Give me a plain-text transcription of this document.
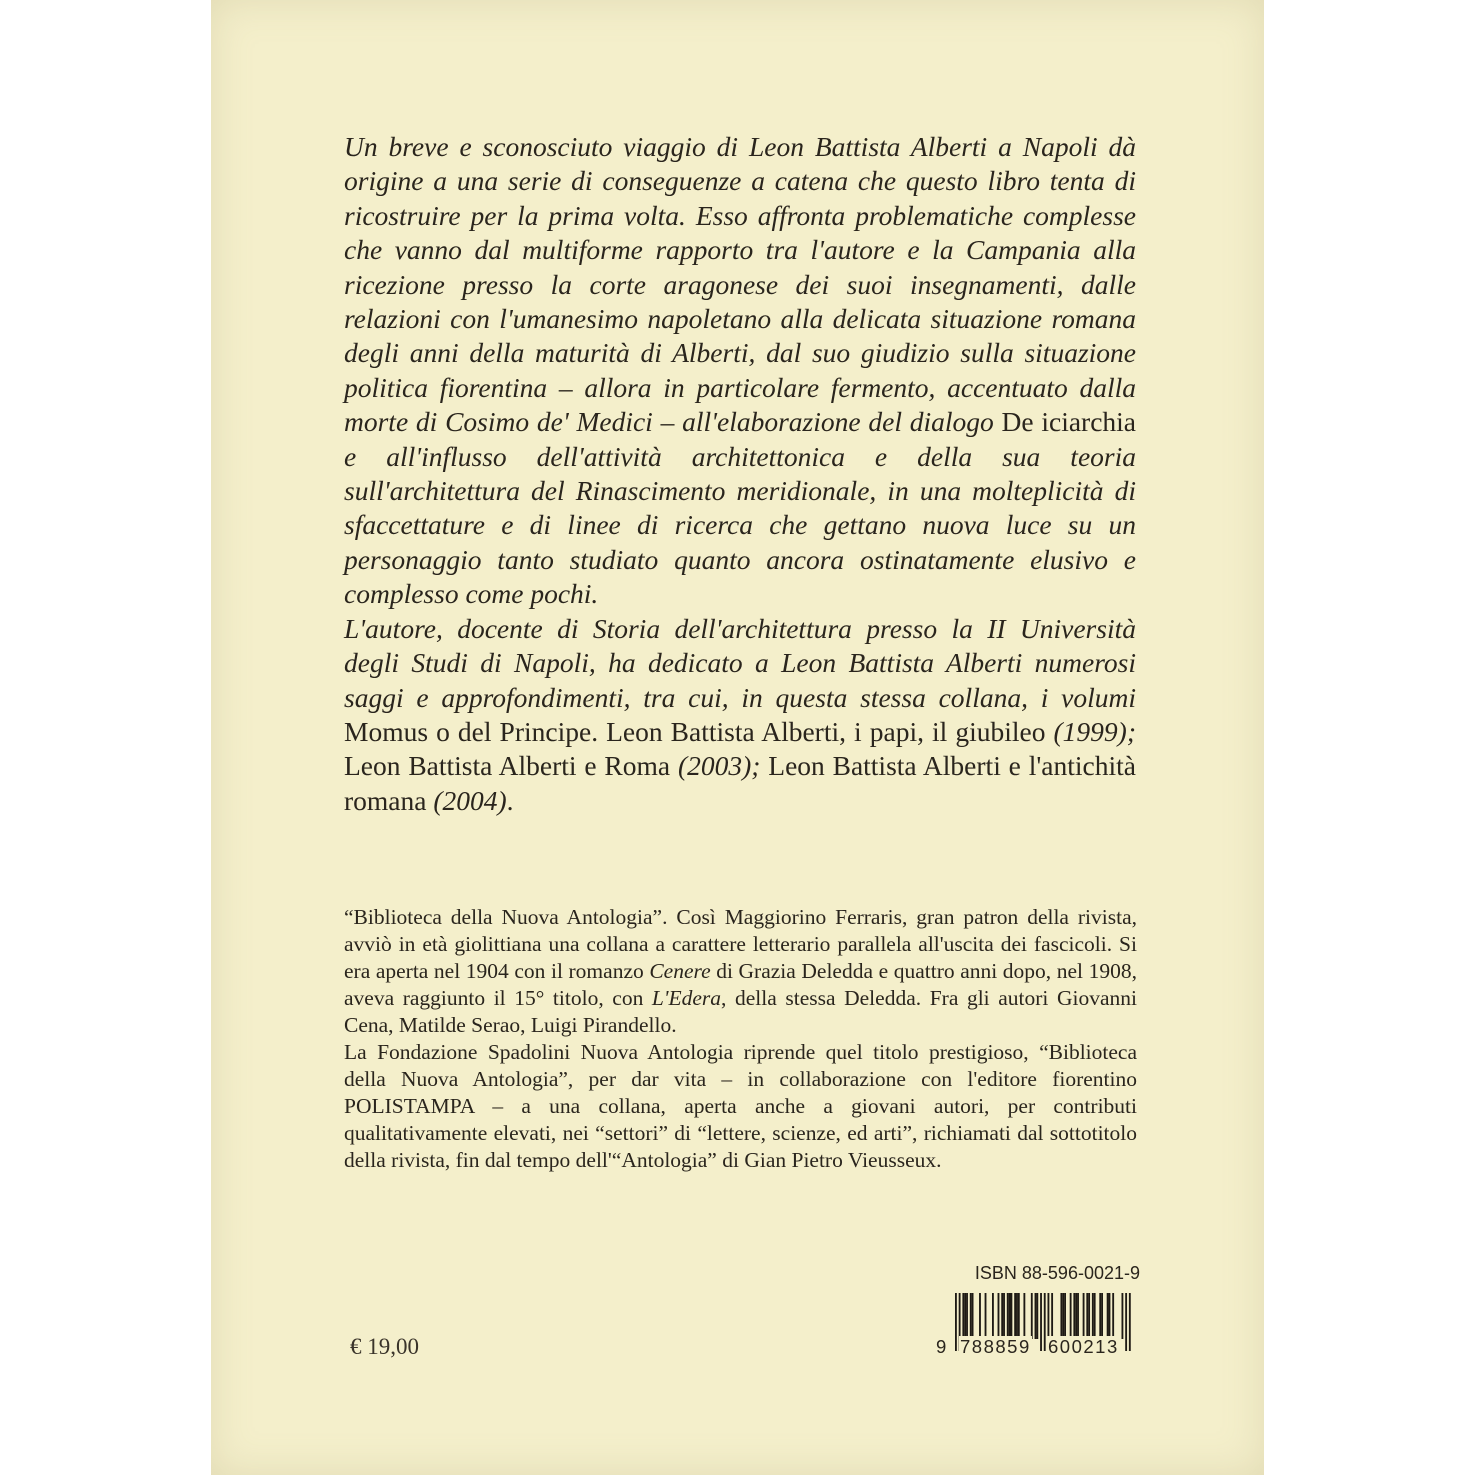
Un breve e sconosciuto viaggio di Leon Battista Alberti a Napoli dà origine a una serie di conseguenze a catena che questo libro tenta di ricostruire per la prima volta. Esso affronta problematiche complesse che vanno dal multiforme rapporto tra l'autore e la Campania alla ricezione presso la corte aragonese dei suoi insegnamenti, dalle relazioni con l'umanesimo napoletano alla delicata situazione romana degli anni della maturità di Alberti, dal suo giudizio sulla situazione politica fiorentina – allora in particolare fermento, accentuato dalla morte di Cosimo de' Medici – all'elaborazione del dialogo De iciarchia e all'influsso dell'attività architettonica e della sua teoria sull'architettura del Rinascimento meridionale, in una molteplicità di sfaccettature e di linee di ricerca che gettano nuova luce su un personaggio tanto studiato quanto ancora ostinatamente elusivo e complesso come pochi.

L'autore, docente di Storia dell'architettura presso la II Università degli Studi di Napoli, ha dedicato a Leon Battista Alberti numerosi saggi e approfondimenti, tra cui, in questa stessa collana, i volumi Momus o del Principe. Leon Battista Alberti, i papi, il giubileo (1999); Leon Battista Alberti e Roma (2003); Leon Battista Alberti e l'antichità romana (2004).

“Biblioteca della Nuova Antologia”. Così Maggiorino Ferraris, gran patron della rivista, avviò in età giolittiana una collana a carattere letterario parallela all'uscita dei fascicoli. Si era aperta nel 1904 con il romanzo Cenere di Grazia Deledda e quattro anni dopo, nel 1908, aveva raggiunto il 15° titolo, con L'Edera, della stessa Deledda. Fra gli autori Giovanni Cena, Matilde Serao, Luigi Pirandello.

La Fondazione Spadolini Nuova Antologia riprende quel titolo prestigioso, “Biblioteca della Nuova Antologia”, per dar vita – in collaborazione con l'editore fiorentino POLISTAMPA – a una collana, aperta anche a giovani autori, per contributi qualitativamente elevati, nei “settori” di “lettere, scienze, ed arti”, richiamati dal sottotitolo della rivista, fin dal tempo dell'“Antologia” di Gian Pietro Vieusseux.

ISBN 88-596-0021-9
9 788859 600213
€ 19,00
